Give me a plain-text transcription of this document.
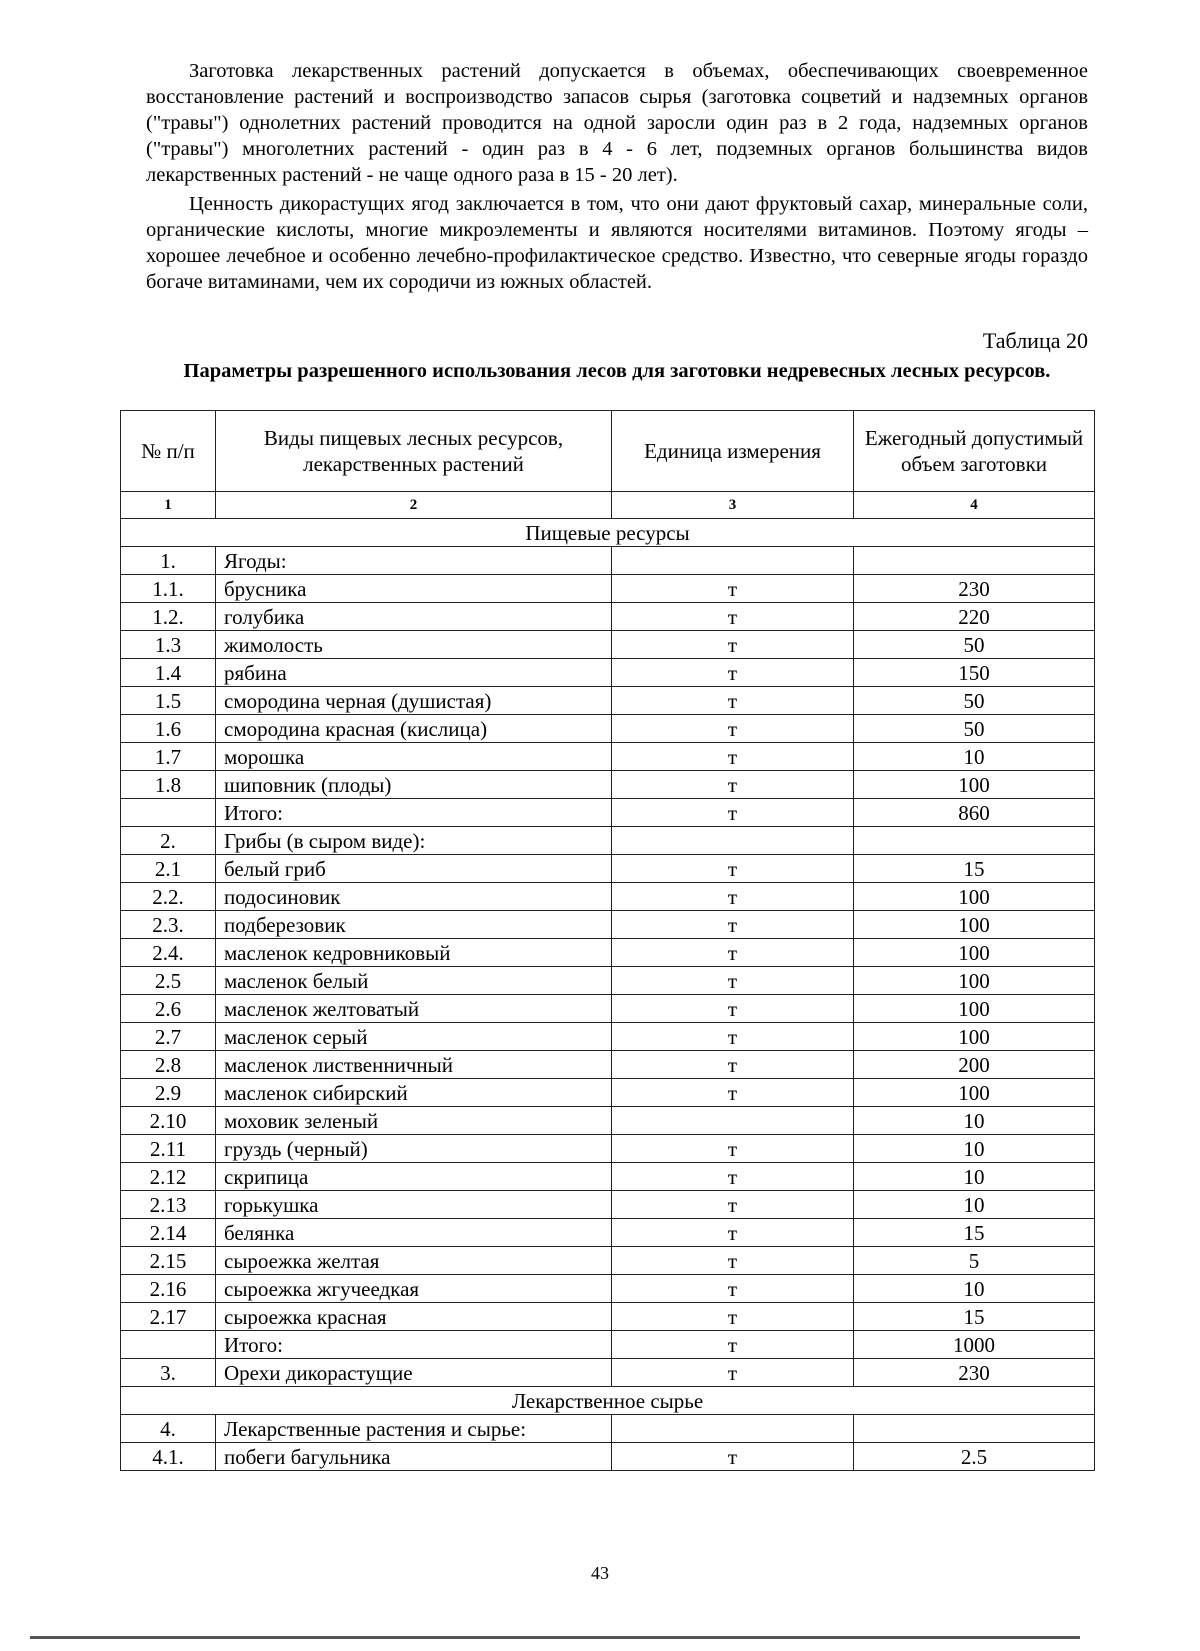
Заготовка лекарственных растений допускается в объемах, обеспечивающих своевременное восстановление растений и воспроизводство запасов сырья (заготовка соцветий и надземных органов ("травы") однолетних растений проводится на одной заросли один раз в 2 года, надземных органов ("травы") многолетних растений - один раз в 4 - 6 лет, подземных органов большинства видов лекарственных растений - не чаще одного раза в 15 - 20 лет).

Ценность дикорастущих ягод заключается в том, что они дают фруктовый сахар, минеральные соли, органические кислоты, многие микроэлементы и являются носителями витаминов. Поэтому ягоды – хорошее лечебное и особенно лечебно-профилактическое средство. Известно, что северные ягоды гораздо богаче витаминами, чем их сородичи из южных областей.

Таблица 20

Параметры разрешенного использования лесов для заготовки недревесных лесных ресурсов.

№ п/п	Виды пищевых лесных ресурсов, лекарственных растений	Единица измерения	Ежегодный допустимый объем заготовки
1	2	3	4
Пищевые ресурсы			
1.	Ягоды:		
1.1.	брусника	т	230
1.2.	голубика	т	220
1.3	жимолость	т	50
1.4	рябина	т	150
1.5	смородина черная (душистая)	т	50
1.6	смородина красная (кислица)	т	50
1.7	морошка	т	10
1.8	шиповник (плоды)	т	100
	Итого:	т	860
2.	Грибы (в сыром виде):		
2.1	белый гриб	т	15
2.2.	подосиновик	т	100
2.3.	подберезовик	т	100
2.4.	масленок кедровниковый	т	100
2.5	масленок белый	т	100
2.6	масленок желтоватый	т	100
2.7	масленок серый	т	100
2.8	масленок лиственничный	т	200
2.9	масленок сибирский	т	100
2.10	моховик зеленый		10
2.11	груздь (черный)	т	10
2.12	скрипица	т	10
2.13	горькушка	т	10
2.14	белянка	т	15
2.15	сыроежка желтая	т	5
2.16	сыроежка жгучеедкая	т	10
2.17	сыроежка красная	т	15
	Итого:	т	1000
3.	Орехи дикорастущие	т	230
Лекарственное сырье			
4.	Лекарственные растения и сырье:		
4.1.	побеги багульника	т	2.5

43
